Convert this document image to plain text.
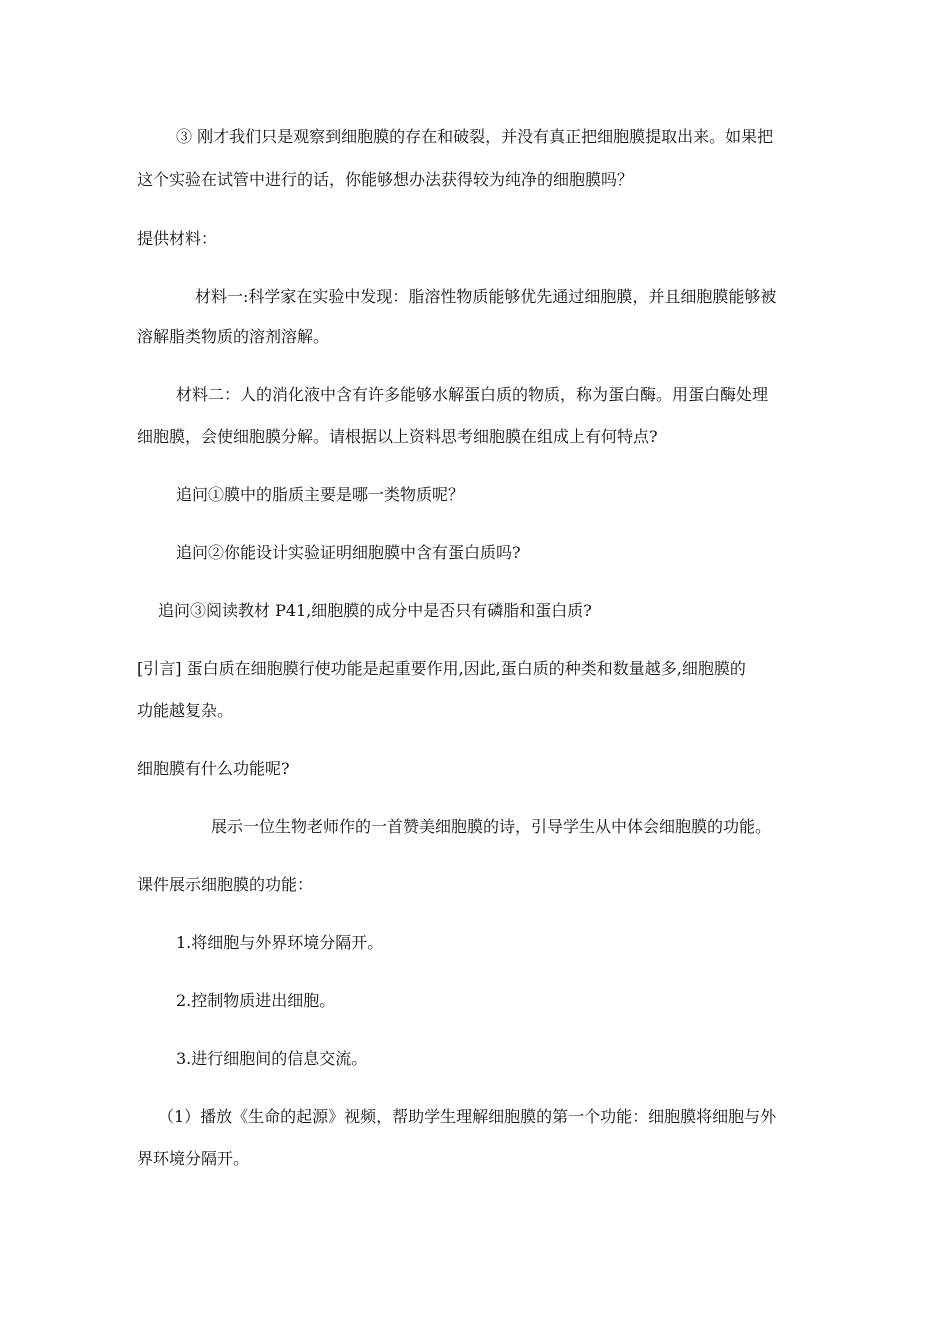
③ 刚才我们只是观察到细胞膜的存在和破裂，并没有真正把细胞膜提取出来。如果把

这个实验在试管中进行的话，你能够想办法获得较为纯净的细胞膜吗？

提供材料：

材料一:科学家在实验中发现：脂溶性物质能够优先通过细胞膜，并且细胞膜能够被

溶解脂类物质的溶剂溶解。

材料二：人的消化液中含有许多能够水解蛋白质的物质，称为蛋白酶。用蛋白酶处理

细胞膜，会使细胞膜分解。请根据以上资料思考细胞膜在组成上有何特点?

追问①膜中的脂质主要是哪一类物质呢？

追问②你能设计实验证明细胞膜中含有蛋白质吗?

追问③阅读教材 P41,细胞膜的成分中是否只有磷脂和蛋白质?

[引言] 蛋白质在细胞膜行使功能是起重要作用,因此,蛋白质的种类和数量越多,细胞膜的

功能越复杂。

细胞膜有什么功能呢?

展示一位生物老师作的一首赞美细胞膜的诗，引导学生从中体会细胞膜的功能。

课件展示细胞膜的功能：

1.将细胞与外界环境分隔开。

2.控制物质进出细胞。

3.进行细胞间的信息交流。

（1）播放《生命的起源》视频，帮助学生理解细胞膜的第一个功能：细胞膜将细胞与外

界环境分隔开。
